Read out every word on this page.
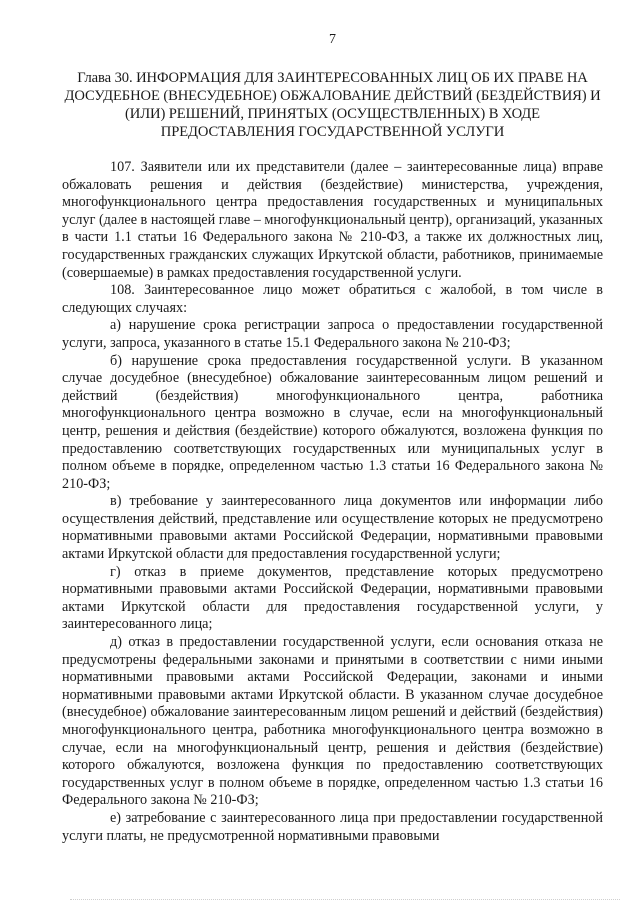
7
Глава 30. ИНФОРМАЦИЯ ДЛЯ ЗАИНТЕРЕСОВАННЫХ ЛИЦ ОБ ИХ ПРАВЕ НА ДОСУДЕБНОЕ (ВНЕСУДЕБНОЕ) ОБЖАЛОВАНИЕ ДЕЙСТВИЙ (БЕЗДЕЙСТВИЯ) И (ИЛИ) РЕШЕНИЙ, ПРИНЯТЫХ (ОСУЩЕСТВЛЕННЫХ) В ХОДЕ ПРЕДОСТАВЛЕНИЯ ГОСУДАРСТВЕННОЙ УСЛУГИ

107. Заявители или их представители (далее – заинтересованные лица) вправе обжаловать решения и действия (бездействие) министерства, учреждения, многофункционального центра предоставления государственных и муниципальных услуг (далее в настоящей главе – многофункциональный центр), организаций, указанных в части 1.1 статьи 16 Федерального закона № 210-ФЗ, а также их должностных лиц, государственных гражданских служащих Иркутской области, работников, принимаемые (совершаемые) в рамках предоставления государственной услуги.

108. Заинтересованное лицо может обратиться с жалобой, в том числе в следующих случаях:

а) нарушение срока регистрации запроса о предоставлении государственной услуги, запроса, указанного в статье 15.1 Федерального закона № 210-ФЗ;

б) нарушение срока предоставления государственной услуги. В указанном случае досудебное (внесудебное) обжалование заинтересованным лицом решений и действий (бездействия) многофункционального центра, работника многофункционального центра возможно в случае, если на многофункциональный центр, решения и действия (бездействие) которого обжалуются, возложена функция по предоставлению соответствующих государственных или муниципальных услуг в полном объеме в порядке, определенном частью 1.3 статьи 16 Федерального закона № 210-ФЗ;

в) требование у заинтересованного лица документов или информации либо осуществления действий, представление или осуществление которых не предусмотрено нормативными правовыми актами Российской Федерации, нормативными правовыми актами Иркутской области для предоставления государственной услуги;

г) отказ в приеме документов, представление которых предусмотрено нормативными правовыми актами Российской Федерации, нормативными правовыми актами Иркутской области для предоставления государственной услуги, у заинтересованного лица;

д) отказ в предоставлении государственной услуги, если основания отказа не предусмотрены федеральными законами и принятыми в соответствии с ними иными нормативными правовыми актами Российской Федерации, законами и иными нормативными правовыми актами Иркутской области. В указанном случае досудебное (внесудебное) обжалование заинтересованным лицом решений и действий (бездействия) многофункционального центра, работника многофункционального центра возможно в случае, если на многофункциональный центр, решения и действия (бездействие) которого обжалуются, возложена функция по предоставлению соответствующих государственных услуг в полном объеме в порядке, определенном частью 1.3 статьи 16 Федерального закона № 210-ФЗ;

е) затребование с заинтересованного лица при предоставлении государственной услуги платы, не предусмотренной нормативными правовыми
